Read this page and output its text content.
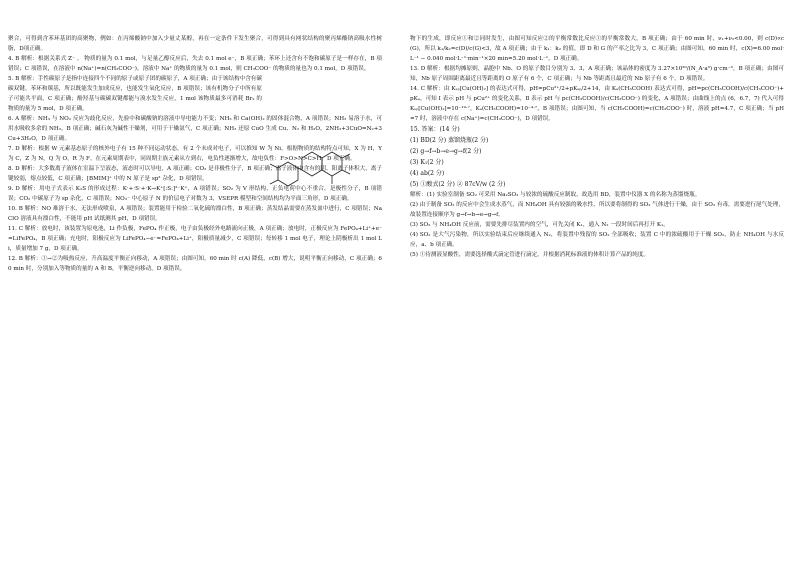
聚合，可得到含苯环基团的高聚物，例如：在丙烯酸钠中加入少量丈某醇，再在一定条件下发生聚合，可得到具有网状结构的聚丙烯酸钠高吸水性树脂，D项正确。

4. B 解析：根据关系式 Z⁻ 。 物质的量为 0.1 mol，与足量乙醇反应后，失去 0.1 mol e⁻，B 项正确；苯环上还含有不饱和碳原子是一样存在，B 项错误；C 项错误，在溶液中 n(Na⁺)=n(CH₃COO⁻)，溶液中 Na⁺ 的物质的量为 0.1 mol，则 CH₃COO⁻ 的物质的量也为 0.1 mol，D 项错误。

5. B 解析：手性碳原子是指中连接四个不同的原子或原子团的碳原子，A 项正确；由于该结构中含有碳碳双键、苯环和羰基，所以既能发生加成反应，也能发生氧化反应，B 项错误；该有机物分子中所有原子可能共平面，C 项正确；酚羟基与碳碳双键都能与溴水发生反应，1 mol 该物质最多可消耗 Br₂ 的物质的量为 5 mol，D 项正确。

6. A 解析：NH₃ 与 NO₂ 反应为歧化反应，先验中和碳酸钠的溶液中导电能力不变；NH₃ 和 Ca(OH)₂ 的固体混合物，A 项错误；NH₃ 易溶于水，可用水吸收多余的 NH₃，B 项正确；碱石灰为碱性干燥剂，可用于干燥氨气，C 项正确；NH₃ 还原 CuO 生成 Cu、N₂ 和 H₂O，2NH₃+3CuO=N₂+3Cu+3H₂O，D 项正确。

7. D 解析：根据 W 元素基态原子的核外电子有 15 种不同运动状态，有 2 个未成对电子，可以推知 W 为 Ni，根据物质的结构特点可知，X 为 H，Y 为 C，Z 为 N，Q 为 O，R 为 F。在元素周期表中，同周期主族元素从左到右，电负性逐渐增大，故电负性：F>O>N>C>H，D 项正确。

8. D 解析：大多数离子液体在室温下呈液态，液态时可以导电，A 项正确；CO₂ 是非极性分子，B 项正确；离子液体中含有的阴、阳离子体积大，离子键较弱，熔点较低，C 项正确；[BMIM]⁺ 中的 N 原子是 sp² 杂化，D 项错误。

9. D 解析：用电子式表示 K₂S 的形成过程：K·+·S·+·K→K⁺[:S:]²⁻K⁺，A 项错误；SO₂ 为 V 形结构，正负电荷中心不重合，是极性分子，B 项错误；CO₂ 中碳原子为 sp 杂化，C 项错误；NO₃⁻ 中心原子 N 的价层电子对数为 3，VSEPR 模型和空间结构均为平面三角形，D 项正确。

10. B 解析：NO 难溶于水，无法形成喷泉，A 项错误；装置能用于检验二氧化硫的漂白性，B 项正确；蒸发结晶需要在蒸发皿中进行，C 项错误；NaClO 溶液具有漂白性，不能用 pH 试纸测其 pH，D 项错误。

11. C 解析：放电时，该装置为原电池，Li 作负极，FePO₄ 作正极，电子由负极经外电路流向正极，A 项正确；放电时，正极反应为 FePO₄+Li⁺+e⁻=LiFePO₄，B 项正确；充电时，阳极反应为 LiFePO₄−e⁻=FePO₄+Li⁺，阳极质量减少，C 项错误；每转移 1 mol 电子，理论上阴极析出 1 mol Li，质量增加 7 g，D 项正确。

12. B 解析：①→②为吸热反应，升高温度平衡正向移动，A 项错误；由图可知，60 min 时 c(A) 降低，c(B) 增大，说明平衡正向移动，C 项正确；60 min 时，分别加入等物质的量的 A 和 B，平衡逆向移动，D 项错误。

物下的生成，即反应①和②同时发生，由图可知反应②的平衡常数比反应①的平衡常数大，B 项正确；由于 60 min 时，ν₁+ν₂<0.00，则 c(D)∝c(G)，所以 k₁/k₂=c(D)/c(G)<3，故 A 项正确；由于 k₁：k₂ 的值，即 D 和 G 的产率之比为 3，C 项正确；由图可知，60 min 时，c(X)=6.00 mol·L⁻¹ − 0.040 mol·L⁻¹·min⁻¹×20 min=5.20 mol·L⁻¹，D 项正确。

13. D 解析：根据均摊原则，晶胞中 Nb、O 的原子数目分别为 3、3，A 项正确；该晶体的密度为 3.27×10³⁰/(N_A·a³) g·cm⁻³，B 项正确；由图可知，Nb 原子周围距离最近且等距离的 O 原子有 6 个，C 项正确；与 Nb 等距离且最近的 Nb 原子有 6 个，D 项错误。

14. C 解析：由 Kₛₚ[Cu(OH)₂] 的表达式可得，pH=pCu²⁺/2+pKₛₚ/2+14，由 Kₐ(CH₃COOH) 表达式可得，pH=pc(CH₃COOH)/c(CH₃COO⁻)+pKₐ，可知 I 表示 pH 与 pCu²⁺ 的变化关系，Ⅱ 表示 pH 与 pc(CH₃COOH)/c(CH₃COO⁻) 的变化，A 项错误；由曲线上的点 (6，6.7，7) 代入可得 Kₛₚ[Cu(OH)₂]=10⁻¹⁹·⁷，Kₐ(CH₃COOH)=10⁻⁴·⁷，B 项错误；由图可知，当 c(CH₃COOH)=c(CH₃COO⁻) 时，溶液 pH=4.7，C 项正确；当 pH=7 时，溶液中存在 c(Na⁺)=c(CH₃COO⁻)，D 项错误。

15. 答案：(14 分)

(1) BD(2 分) 蒸馏烧瓶(2 分)

(2) g→f→b→e→g→f(2 分)

(3) K₁(2 分)

(4) ab(2 分)

(5) ①酸式(2 分) ② 87cV/w (2 分)

解析：(1) 实验室制备 SO₂ 可采用 Na₂SO₃ 与较浓的硫酸反应制取，故选用 BD，装置中仪器 X 的名称为蒸馏烧瓶。

(2) 由于制备 SO₂ 的反应中会生成水蒸气，而 NH₄OH 具有较强的吸水性，所以要将制得的 SO₂ 气体进行干燥，由于 SO₂ 有毒，需要进行尾气处理，故装置连接顺序为 g→f→b→e→g→f。

(3) SO₂ 与 NH₄OH 反应前，需要先排尽装置内的空气，可先关闭 K₁，通入 N₂ 一段时间后再打开 K₁。

(4) SO₂ 是大气污染物，所以实验结束后应继续通入 N₂，将装置中残留的 SO₂ 全部吸收；装置 C 中的浓硫酸用于干燥 SO₂，防止 NH₄OH 与水反应，a、b 项正确。

(5) ①待测液显酸性，需要选择酸式滴定管进行滴定，并根据消耗标准液的体积计算产品的纯度。
